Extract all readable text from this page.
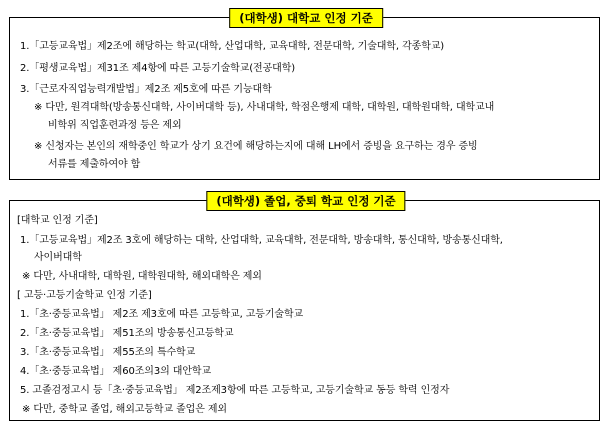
(대학생) 대학교 인정 기준
1.「고등교육법」제2조에 해당하는 학교(대학, 산업대학, 교육대학, 전문대학, 기술대학, 각종학교)
2.「평생교육법」제31조 제4항에 따른 고등기술학교(전공대학)
3.「근로자직업능력개발법」제2조 제5호에 따른 기능대학
※ 다만, 원격대학(방송통신대학, 사이버대학 등), 사내대학, 학점은행제 대학, 대학원, 대학원대학, 대학교내
비학위 직업훈련과정 등은 제외
※ 신청자는 본인의 재학중인 학교가 상기 요건에 해당하는지에 대해 LH에서 증빙을 요구하는 경우 증빙
서류를 제출하여야 함
(대학생) 졸업, 중퇴 학교 인정 기준
[대학교 인정 기준]
1.「고등교육법」제2조 3호에 해당하는 대학, 산업대학, 교육대학, 전문대학, 방송대학, 통신대학, 방송통신대학,
사이버대학
※ 다만, 사내대학, 대학원, 대학원대학, 해외대학은 제외
[ 고등·고등기술학교 인정 기준]
1.「초·중등교육법」 제2조 제3호에 따른 고등학교, 고등기술학교
2.「초·중등교육법」 제51조의 방송통신고등학교
3.「초·중등교육법」 제55조의 특수학교
4.「초·중등교육법」 제60조의3의 대안학교
5. 고졸검정고시 등「초·중등교육법」 제2조제3항에 따른 고등학교, 고등기술학교 동등 학력 인정자
※ 다만, 중학교 졸업, 해외고등학교 졸업은 제외
